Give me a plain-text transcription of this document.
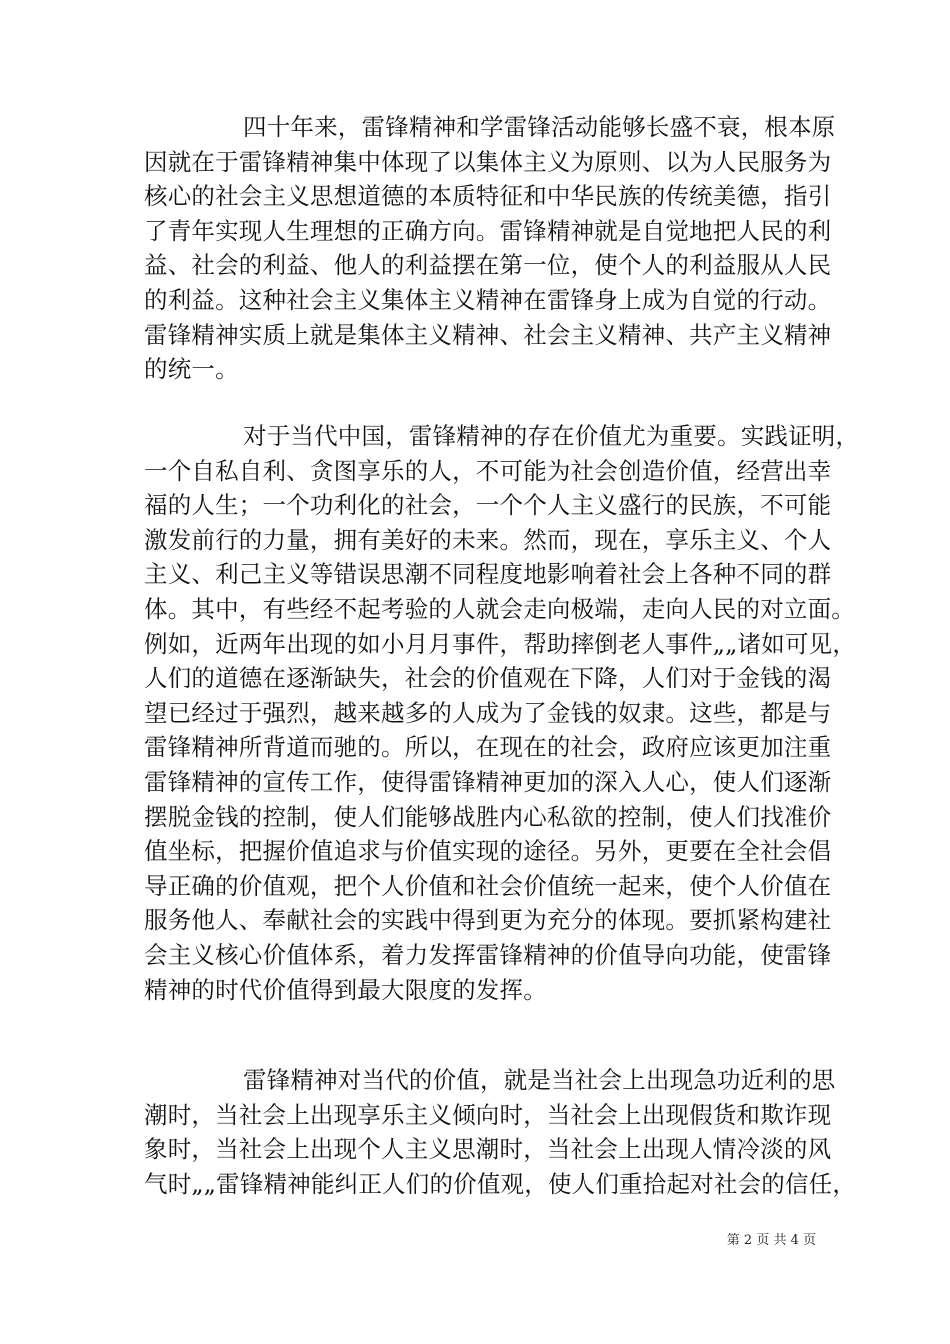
四十年来，雷锋精神和学雷锋活动能够长盛不衰，根本原
因就在于雷锋精神集中体现了以集体主义为原则、以为人民服务为
核心的社会主义思想道德的本质特征和中华民族的传统美德，指引
了青年实现人生理想的正确方向。雷锋精神就是自觉地把人民的利
益、社会的利益、他人的利益摆在第一位，使个人的利益服从人民
的利益。这种社会主义集体主义精神在雷锋身上成为自觉的行动。
雷锋精神实质上就是集体主义精神、社会主义精神、共产主义精神
的统一。
对于当代中国，雷锋精神的存在价值尤为重要。实践证明，
一个自私自利、贪图享乐的人，不可能为社会创造价值，经营出幸
福的人生；一个功利化的社会，一个个人主义盛行的民族，不可能
激发前行的力量，拥有美好的未来。然而，现在，享乐主义、个人
主义、利己主义等错误思潮不同程度地影响着社会上各种不同的群
体。其中，有些经不起考验的人就会走向极端，走向人民的对立面。
例如，近两年出现的如小月月事件，帮助摔倒老人事件„„诸如可见，
人们的道德在逐渐缺失，社会的价值观在下降，人们对于金钱的渴
望已经过于强烈，越来越多的人成为了金钱的奴隶。这些，都是与
雷锋精神所背道而驰的。所以，在现在的社会，政府应该更加注重
雷锋精神的宣传工作，使得雷锋精神更加的深入人心，使人们逐渐
摆脱金钱的控制，使人们能够战胜内心私欲的控制，使人们找准价
值坐标，把握价值追求与价值实现的途径。另外，更要在全社会倡
导正确的价值观，把个人价值和社会价值统一起来，使个人价值在
服务他人、奉献社会的实践中得到更为充分的体现。要抓紧构建社
会主义核心价值体系，着力发挥雷锋精神的价值导向功能，使雷锋
精神的时代价值得到最大限度的发挥。
雷锋精神对当代的价值，就是当社会上出现急功近利的思
潮时，当社会上出现享乐主义倾向时，当社会上出现假货和欺诈现
象时，当社会上出现个人主义思潮时，当社会上出现人情冷淡的风
气时„„雷锋精神能纠正人们的价值观，使人们重拾起对社会的信任，
第 2 页 共 4 页
